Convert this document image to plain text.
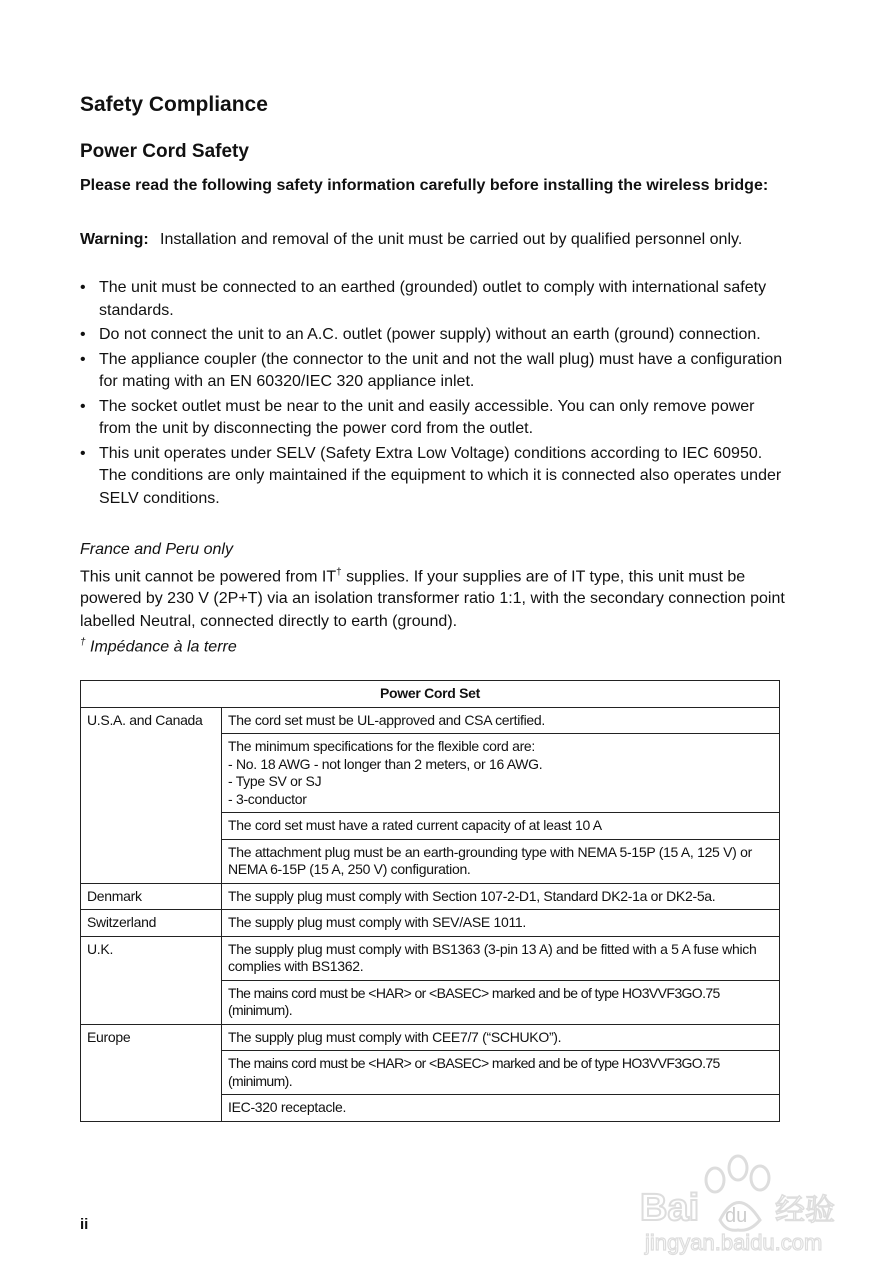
Safety Compliance
Power Cord Safety
Please read the following safety information carefully before installing the wireless bridge:
Warning: Installation and removal of the unit must be carried out by qualified personnel only.
• The unit must be connected to an earthed (grounded) outlet to comply with international safety standards.
• Do not connect the unit to an A.C. outlet (power supply) without an earth (ground) connection.
• The appliance coupler (the connector to the unit and not the wall plug) must have a configuration for mating with an EN 60320/IEC 320 appliance inlet.
• The socket outlet must be near to the unit and easily accessible. You can only remove power from the unit by disconnecting the power cord from the outlet.
• This unit operates under SELV (Safety Extra Low Voltage) conditions according to IEC 60950. The conditions are only maintained if the equipment to which it is connected also operates under SELV conditions.
France and Peru only
This unit cannot be powered from IT† supplies. If your supplies are of IT type, this unit must be powered by 230 V (2P+T) via an isolation transformer ratio 1:1, with the secondary connection point labelled Neutral, connected directly to earth (ground).
† Impédance à la terre
Power Cord Set	
U.S.A. and Canada	The cord set must be UL-approved and CSA certified.
	The minimum specifications for the flexible cord are:
- No. 18 AWG - not longer than 2 meters, or 16 AWG.
- Type SV or SJ
- 3-conductor
	The cord set must have a rated current capacity of at least 10 A
	The attachment plug must be an earth-grounding type with NEMA 5-15P (15 A, 125 V) or NEMA 6-15P (15 A, 250 V) configuration.
Denmark	The supply plug must comply with Section 107-2-D1, Standard DK2-1a or DK2-5a.
Switzerland	The supply plug must comply with SEV/ASE 1011.
U.K.	The supply plug must comply with BS1363 (3-pin 13 A) and be fitted with a 5 A fuse which complies with BS1362.
	The mains cord must be <HAR> or <BASEC> marked and be of type HO3VVF3GO.75 (minimum).
Europe	The supply plug must comply with CEE7/7 (“SCHUKO”).
	The mains cord must be <HAR> or <BASEC> marked and be of type HO3VVF3GO.75 (minimum).
	IEC-320 receptacle.
ii	Bai du 经验
jingyan.baidu.com
